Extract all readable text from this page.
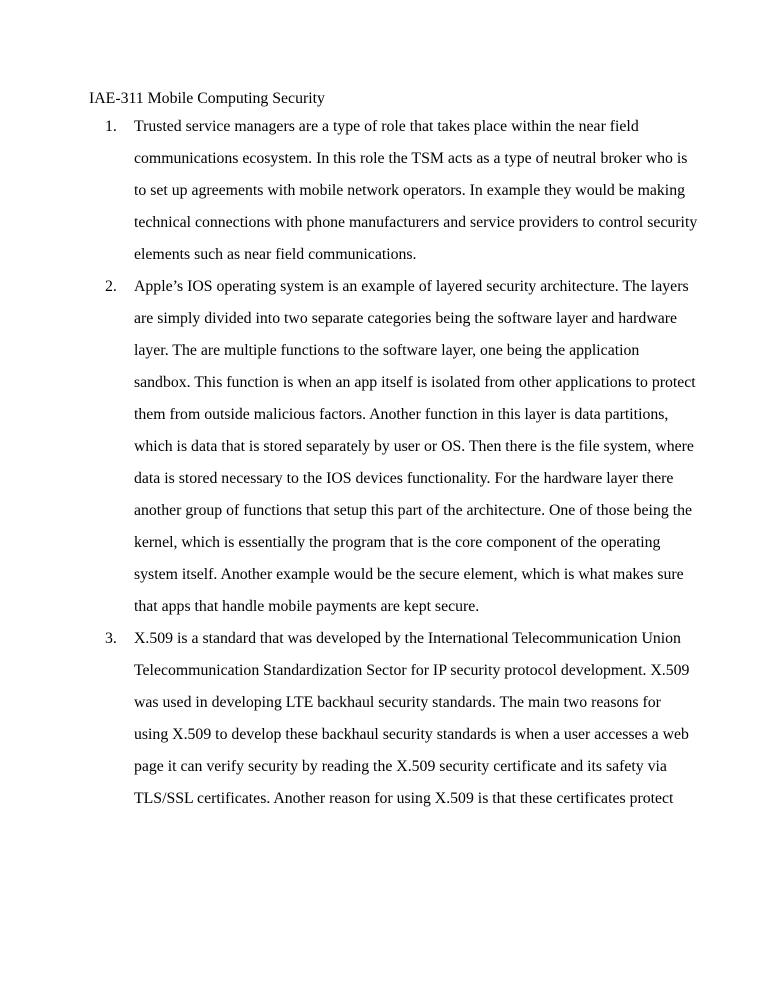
IAE-311 Mobile Computing Security
1. Trusted service managers are a type of role that takes place within the near field
communications ecosystem. In this role the TSM acts as a type of neutral broker who is
to set up agreements with mobile network operators. In example they would be making
technical connections with phone manufacturers and service providers to control security
elements such as near field communications.
2. Apple’s IOS operating system is an example of layered security architecture. The layers
are simply divided into two separate categories being the software layer and hardware
layer. The are multiple functions to the software layer, one being the application
sandbox. This function is when an app itself is isolated from other applications to protect
them from outside malicious factors. Another function in this layer is data partitions,
which is data that is stored separately by user or OS. Then there is the file system, where
data is stored necessary to the IOS devices functionality. For the hardware layer there
another group of functions that setup this part of the architecture. One of those being the
kernel, which is essentially the program that is the core component of the operating
system itself. Another example would be the secure element, which is what makes sure
that apps that handle mobile payments are kept secure.
3. X.509 is a standard that was developed by the International Telecommunication Union
Telecommunication Standardization Sector for IP security protocol development. X.509
was used in developing LTE backhaul security standards. The main two reasons for
using X.509 to develop these backhaul security standards is when a user accesses a web
page it can verify security by reading the X.509 security certificate and its safety via
TLS/SSL certificates. Another reason for using X.509 is that these certificates protect
